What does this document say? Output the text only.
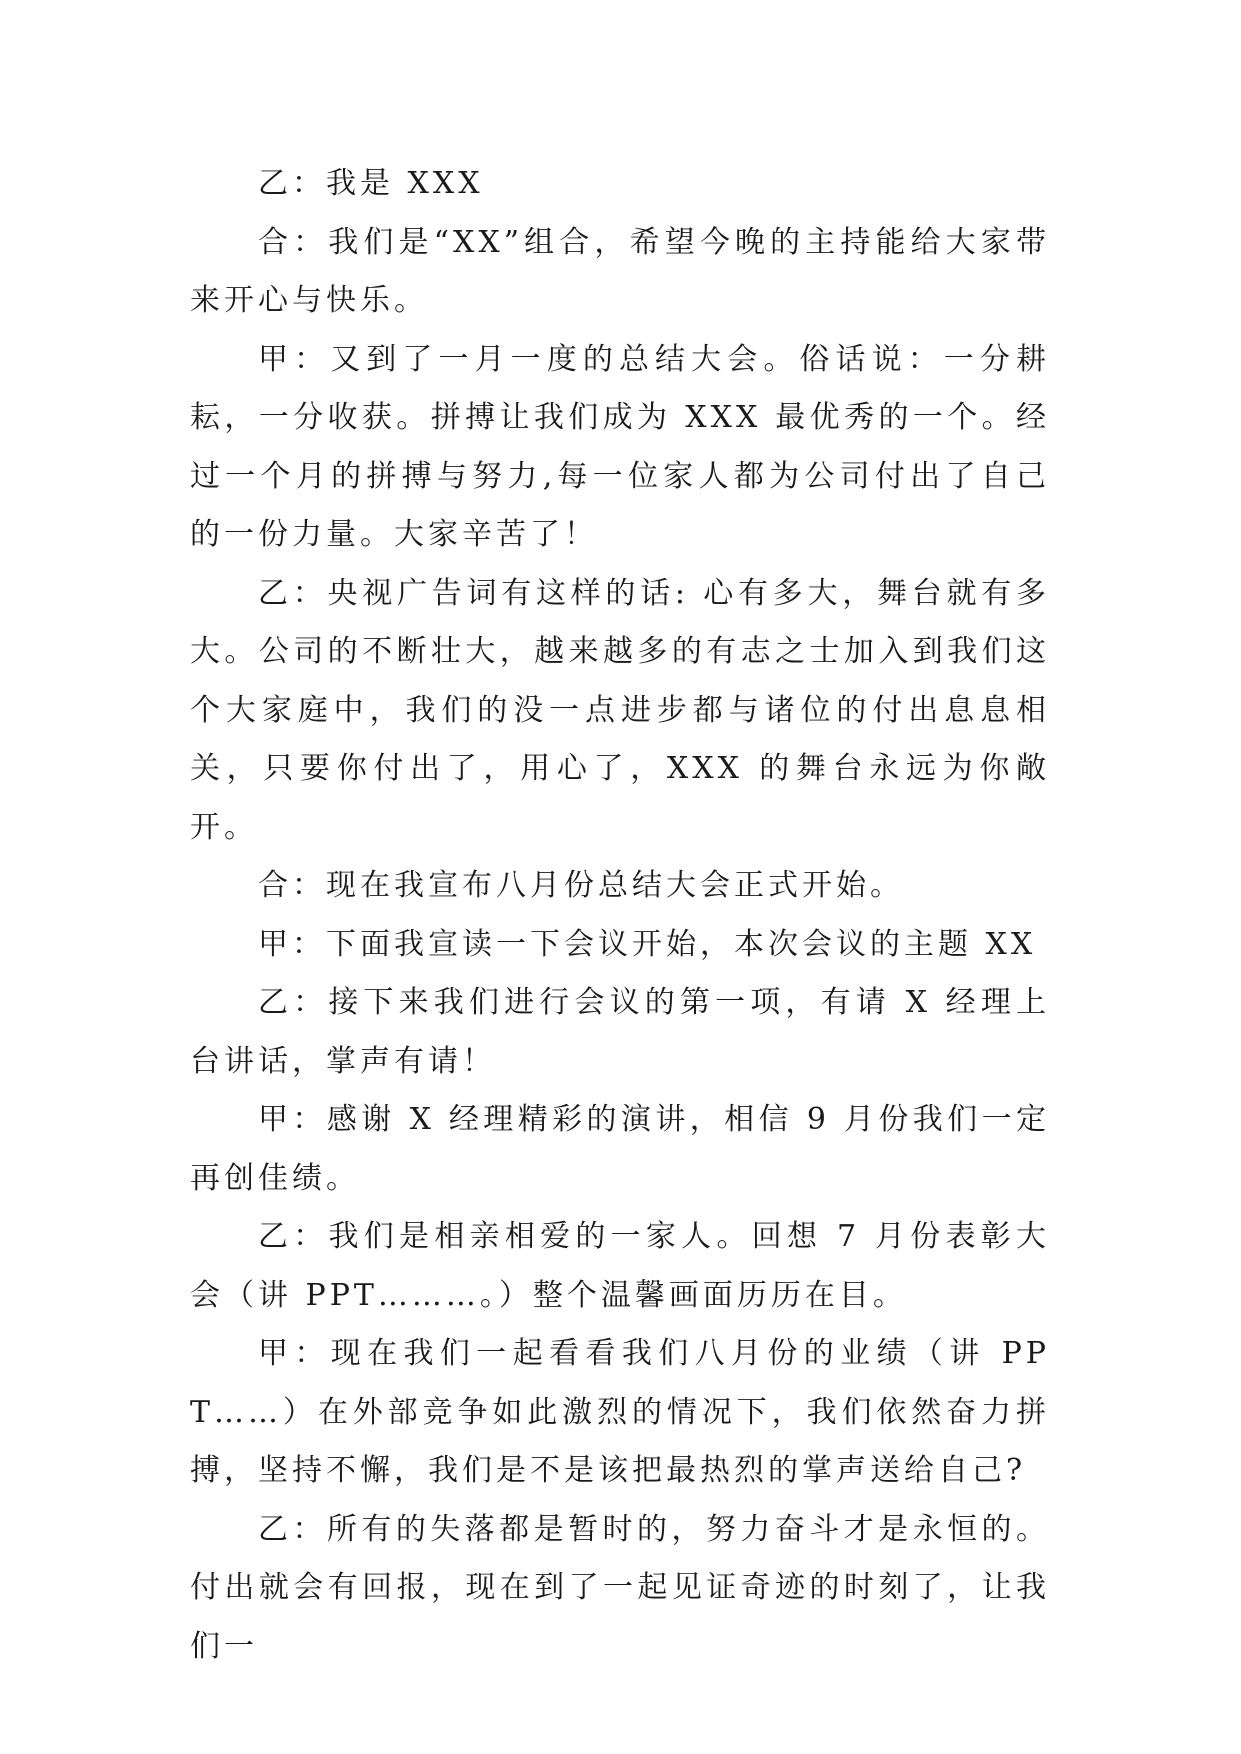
乙：我是 XXX

合：我们是“XX”组合，希望今晚的主持能给大家带来开心与快乐。

甲：又到了一月一度的总结大会。俗话说：一分耕耘，一分收获。拼搏让我们成为 XXX 最优秀的一个。经过一个月的拼搏与努力,每一位家人都为公司付出了自己的一份力量。大家辛苦了！

乙：央视广告词有这样的话: 心有多大，舞台就有多大。公司的不断壮大，越来越多的有志之士加入到我们这个大家庭中，我们的没一点进步都与诸位的付出息息相关，只要你付出了，用心了，XXX 的舞台永远为你敞开。

合：现在我宣布八月份总结大会正式开始。

甲：下面我宣读一下会议开始，本次会议的主题 XX

乙：接下来我们进行会议的第一项，有请 X 经理上台讲话，掌声有请！

甲：感谢 X 经理精彩的演讲，相信 9 月份我们一定再创佳绩。

乙：我们是相亲相爱的一家人。回想 7 月份表彰大会（讲 PPT………。）整个温馨画面历历在目。

甲：现在我们一起看看我们八月份的业绩（讲 PPT……）在外部竞争如此激烈的情况下，我们依然奋力拼搏，坚持不懈，我们是不是该把最热烈的掌声送给自己?

乙：所有的失落都是暂时的，努力奋斗才是永恒的。付出就会有回报，现在到了一起见证奇迹的时刻了，让我们一
